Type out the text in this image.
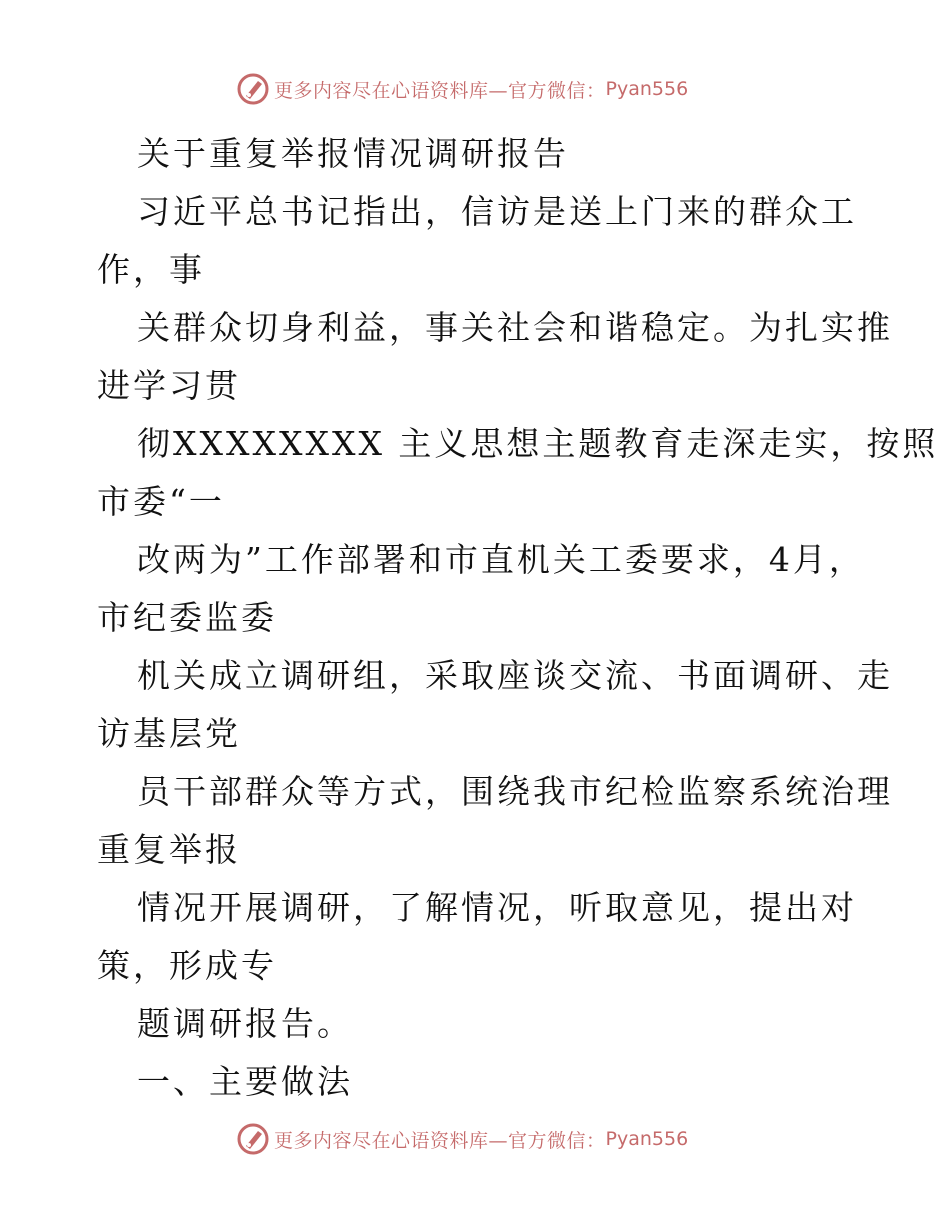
更多内容尽在心语资料库—官方微信： Pyan556
关于重复举报情况调研报告
习近平总书记指出，信访是送上门来的群众工
作，事
关群众切身利益，事关社会和谐稳定。为扎实推
进学习贯
彻XXXXXXXX 主义思想主题教育走深走实，按照
市委“一
改两为”工作部署和市直机关工委要求，4月，
市纪委监委
机关成立调研组，采取座谈交流、书面调研、走
访基层党
员干部群众等方式，围绕我市纪检监察系统治理
重复举报
情况开展调研，了解情况，听取意见，提出对
策，形成专
题调研报告。
一、主要做法
更多内容尽在心语资料库—官方微信： Pyan556
